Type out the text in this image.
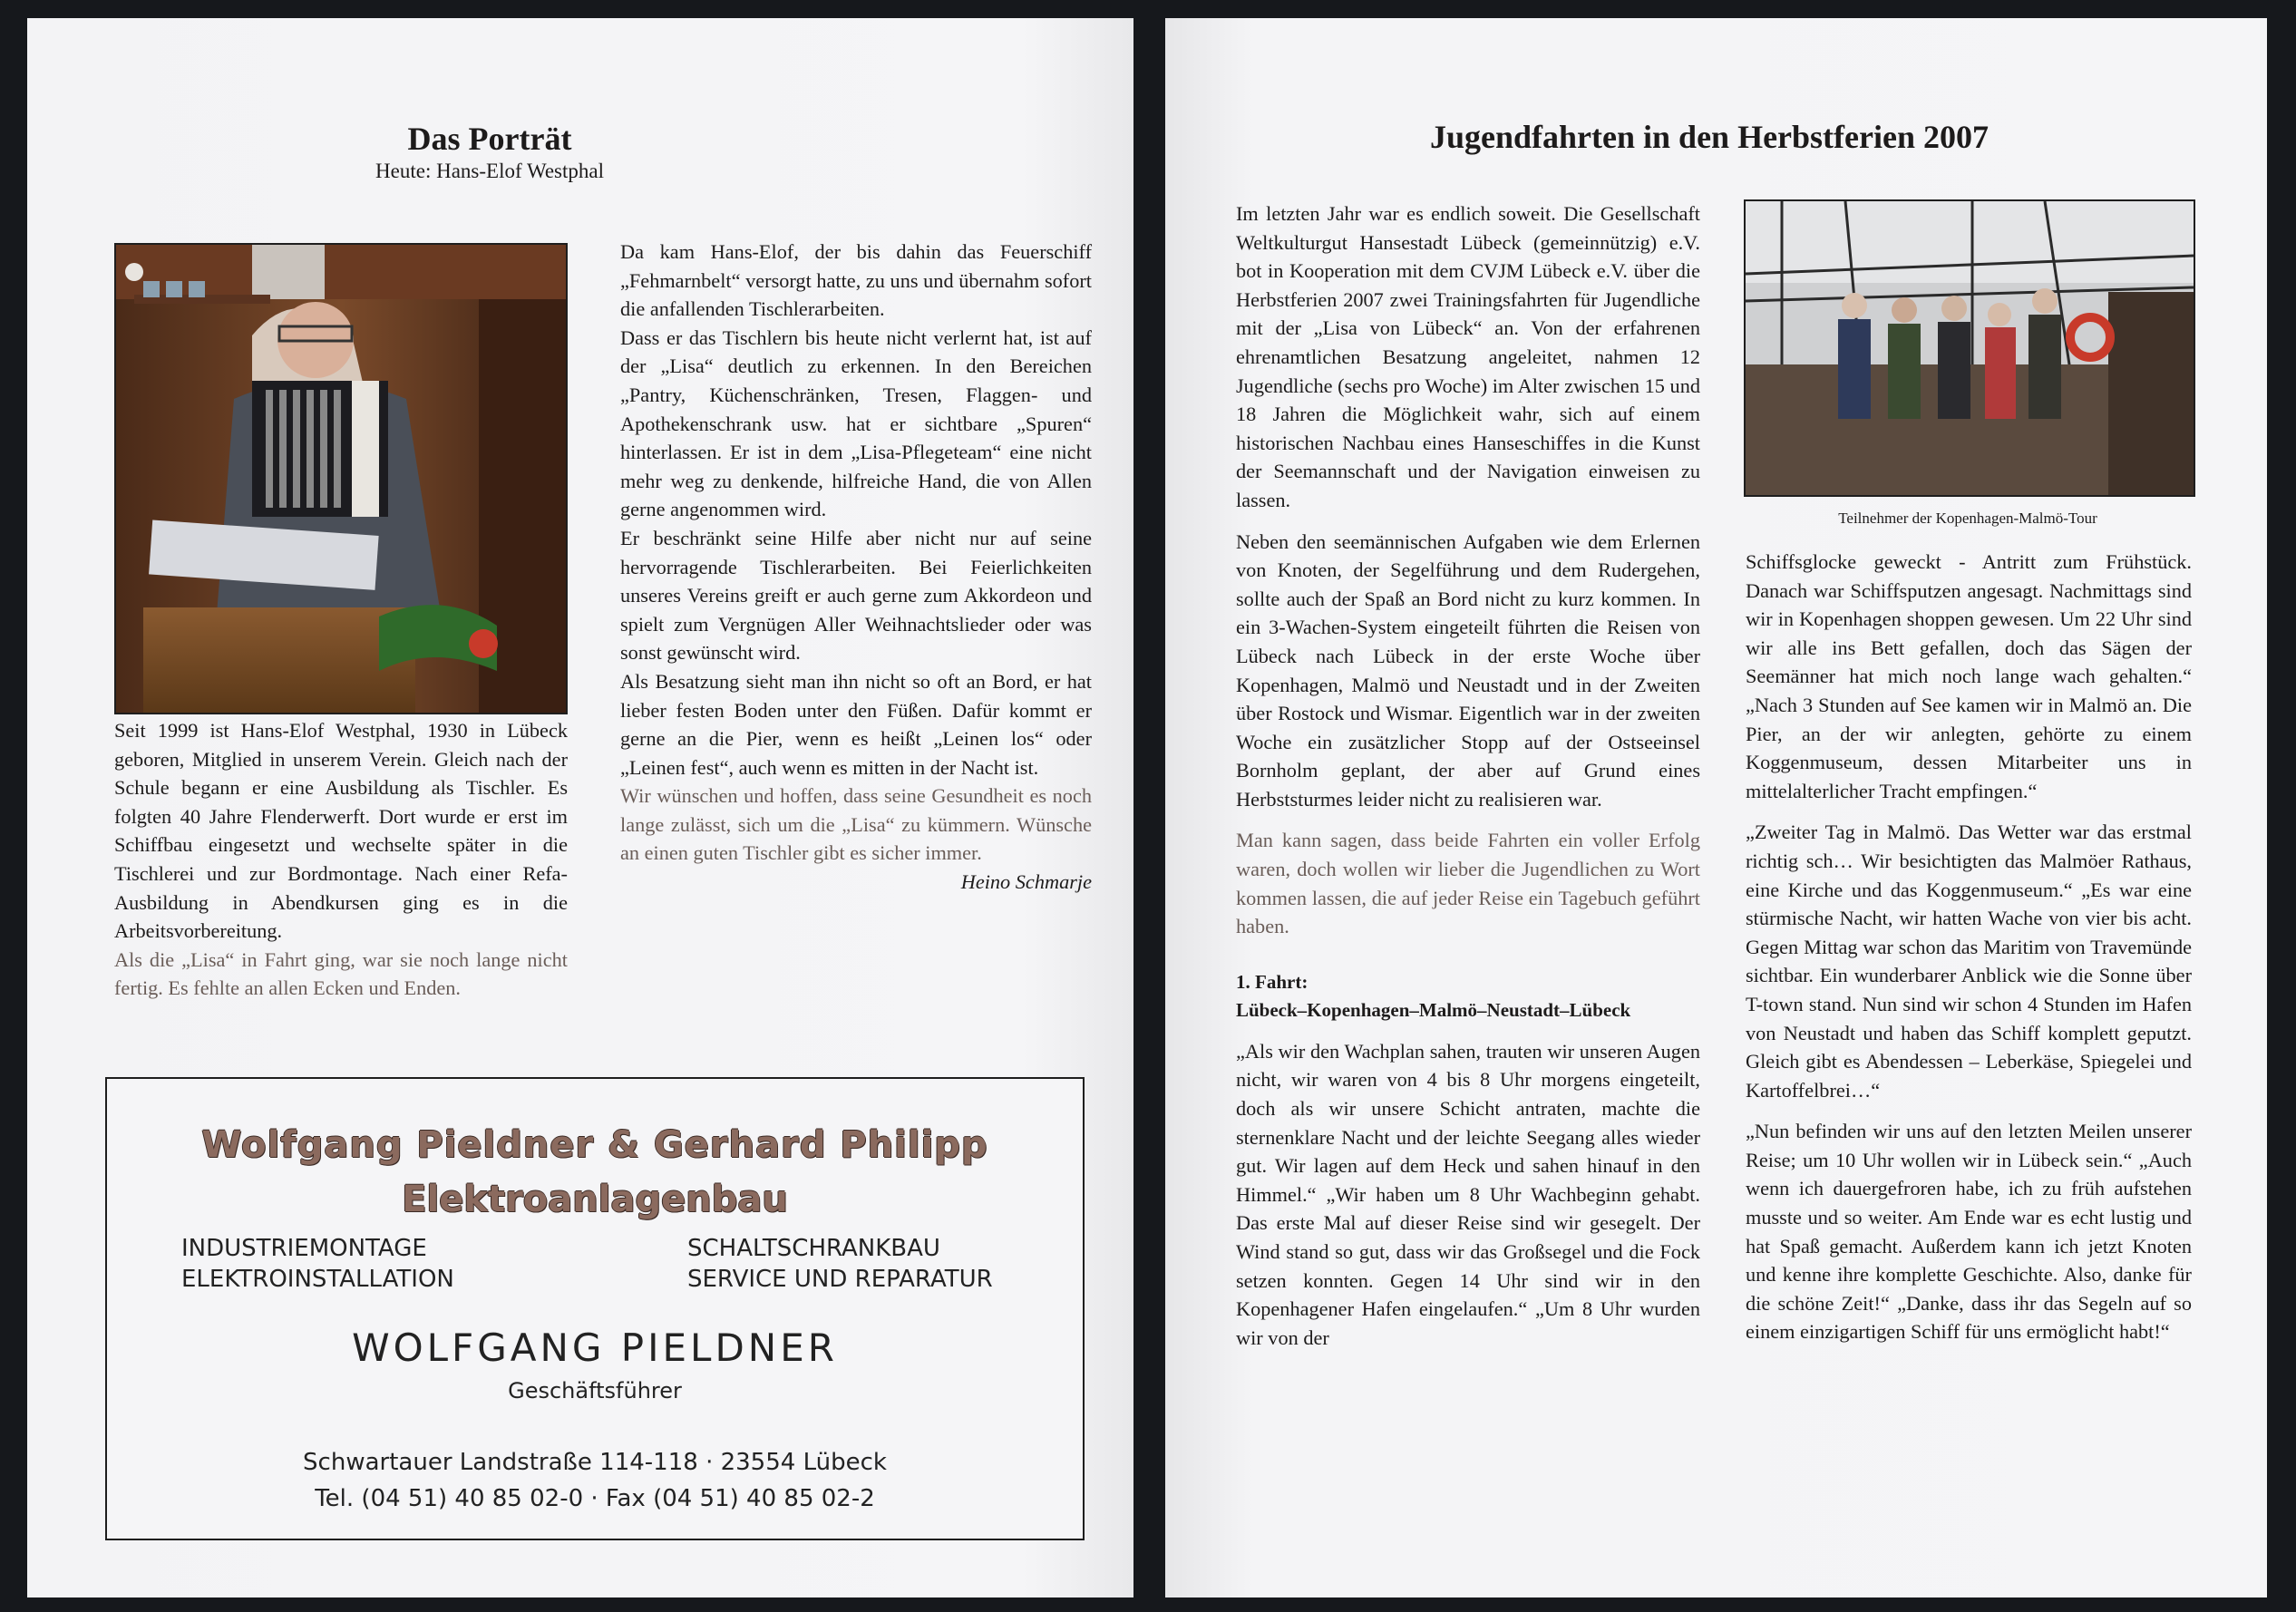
Das Porträt
Heute: Hans-Elof Westphal

Seit 1999 ist Hans-Elof Westphal, 1930 in Lübeck geboren, Mitglied in unserem Verein. Gleich nach der Schule begann er eine Ausbildung als Tischler. Es folgten 40 Jahre Flenderwerft. Dort wurde er erst im Schiffbau eingesetzt und wechselte später in die Tischlerei und zur Bordmontage. Nach einer Refa-Ausbildung in Abendkursen ging es in die Arbeitsvorbereitung.

Als die „Lisa“ in Fahrt ging, war sie noch lange nicht fertig. Es fehlte an allen Ecken und Enden.

Da kam Hans-Elof, der bis dahin das Feuerschiff „Fehmarnbelt“ versorgt hatte, zu uns und übernahm sofort die anfallenden Tischlerarbeiten.

Dass er das Tischlern bis heute nicht verlernt hat, ist auf der „Lisa“ deutlich zu erkennen. In den Bereichen „Pantry, Küchenschränken, Tresen, Flaggen- und Apothekenschrank usw. hat er sichtbare „Spuren“ hinterlassen. Er ist in dem „Lisa-Pflegeteam“ eine nicht mehr weg zu denkende, hilfreiche Hand, die von Allen gerne angenommen wird.

Er beschränkt seine Hilfe aber nicht nur auf seine hervorragende Tischlerarbeiten. Bei Feierlichkeiten unseres Vereins greift er auch gerne zum Akkordeon und spielt zum Vergnügen Aller Weihnachtslieder oder was sonst gewünscht wird.

Als Besatzung sieht man ihn nicht so oft an Bord, er hat lieber festen Boden unter den Füßen. Dafür kommt er gerne an die Pier, wenn es heißt „Leinen los“ oder „Leinen fest“, auch wenn es mitten in der Nacht ist.

Wir wünschen und hoffen, dass seine Gesundheit es noch lange zulässt, sich um die „Lisa“ zu kümmern. Wünsche an einen guten Tischler gibt es sicher immer.

Heino Schmarje

Wolfgang Pieldner & Gerhard Philipp
Elektroanlagenbau
INDUSTRIEMONTAGE
ELEKTROINSTALLATION
SCHALTSCHRANKBAU
SERVICE UND REPARATUR
WOLFGANG PIELDNER
Geschäftsführer
Schwartauer Landstraße 114-118 · 23554 Lübeck
Tel. (04 51) 40 85 02-0 · Fax (04 51) 40 85 02-2
Jugendfahrten in den Herbstferien 2007

Im letzten Jahr war es endlich soweit. Die Gesellschaft Weltkulturgut Hansestadt Lübeck (gemeinnützig) e.V. bot in Kooperation mit dem CVJM Lübeck e.V. über die Herbstferien 2007 zwei Trainingsfahrten für Jugendliche mit der „Lisa von Lübeck“ an. Von der erfahrenen ehrenamtlichen Besatzung angeleitet, nahmen 12 Jugendliche (sechs pro Woche) im Alter zwischen 15 und 18 Jahren die Möglichkeit wahr, sich auf einem historischen Nachbau eines Hanseschiffes in die Kunst der Seemannschaft und der Navigation einweisen zu lassen.

Neben den seemännischen Aufgaben wie dem Erlernen von Knoten, der Segelführung und dem Rudergehen, sollte auch der Spaß an Bord nicht zu kurz kommen. In ein 3-Wachen-System eingeteilt führten die Reisen von Lübeck nach Lübeck in der erste Woche über Kopenhagen, Malmö und Neustadt und in der Zweiten über Rostock und Wismar. Eigentlich war in der zweiten Woche ein zusätzlicher Stopp auf der Ostseeinsel Bornholm geplant, der aber auf Grund eines Herbststurmes leider nicht zu realisieren war.

Man kann sagen, dass beide Fahrten ein voller Erfolg waren, doch wollen wir lieber die Jugendlichen zu Wort kommen lassen, die auf jeder Reise ein Tagebuch geführt haben.

1. Fahrt:

Lübeck–Kopenhagen–Malmö–Neustadt–Lübeck

„Als wir den Wachplan sahen, trauten wir unseren Augen nicht, wir waren von 4 bis 8 Uhr morgens eingeteilt, doch als wir unsere Schicht antraten, machte die sternenklare Nacht und der leichte Seegang alles wieder gut. Wir lagen auf dem Heck und sahen hinauf in den Himmel.“ „Wir haben um 8 Uhr Wachbeginn gehabt. Das erste Mal auf dieser Reise sind wir gesegelt. Der Wind stand so gut, dass wir das Großsegel und die Fock setzen konnten. Gegen 14 Uhr sind wir in den Kopenhagener Hafen eingelaufen.“ „Um 8 Uhr wurden wir von der

Teilnehmer der Kopenhagen-Malmö-Tour

Schiffsglocke geweckt - Antritt zum Frühstück. Danach war Schiffsputzen angesagt. Nachmittags sind wir in Kopenhagen shoppen gewesen. Um 22 Uhr sind wir alle ins Bett gefallen, doch das Sägen der Seemänner hat mich noch lange wach gehalten.“ „Nach 3 Stunden auf See kamen wir in Malmö an. Die Pier, an der wir anlegten, gehörte zu einem Koggenmuseum, dessen Mitarbeiter uns in mittelalterlicher Tracht empfingen.“

„Zweiter Tag in Malmö. Das Wetter war das erstmal richtig sch… Wir besichtigten das Malmöer Rathaus, eine Kirche und das Koggenmuseum.“ „Es war eine stürmische Nacht, wir hatten Wache von vier bis acht. Gegen Mittag war schon das Maritim von Travemünde sichtbar. Ein wunderbarer Anblick wie die Sonne über T-town stand. Nun sind wir schon 4 Stunden im Hafen von Neustadt und haben das Schiff komplett geputzt. Gleich gibt es Abendessen – Leberkäse, Spiegelei und Kartoffelbrei…“

„Nun befinden wir uns auf den letzten Meilen unserer Reise; um 10 Uhr wollen wir in Lübeck sein.“ „Auch wenn ich dauergefroren habe, ich zu früh aufstehen musste und so weiter. Am Ende war es echt lustig und hat Spaß gemacht. Außerdem kann ich jetzt Knoten und kenne ihre komplette Geschichte. Also, danke für die schöne Zeit!“ „Danke, dass ihr das Segeln auf so einem einzigartigen Schiff für uns ermöglicht habt!“
